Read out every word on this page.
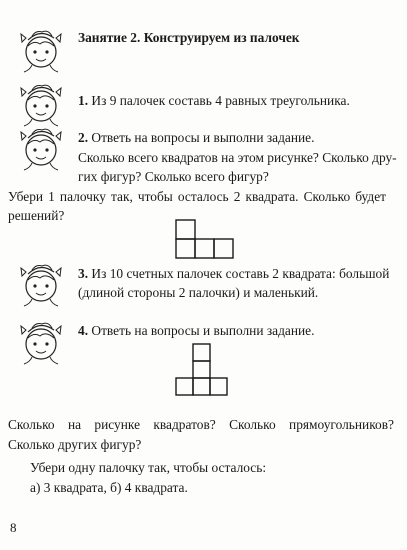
Занятие 2. Конструируем из палочек
1. Из 9 палочек составь 4 равных треугольника.
2. Ответь на вопросы и выполни задание.
Сколько всего квадратов на этом рисунке? Сколько дру-
гих фигур? Сколько всего фигур?
Убери 1 палочку так, чтобы осталось 2 квадрата. Сколько будет
решений?
3. Из 10 счетных палочек составь 2 квадрата: большой
(длиной стороны 2 палочки) и маленький.
4. Ответь на вопросы и выполни задание.
Сколько на рисунке квадратов? Сколько прямоугольников?
Сколько других фигур?
Убери одну палочку так, чтобы осталось:
а) 3 квадрата, б) 4 квадрата.
8
